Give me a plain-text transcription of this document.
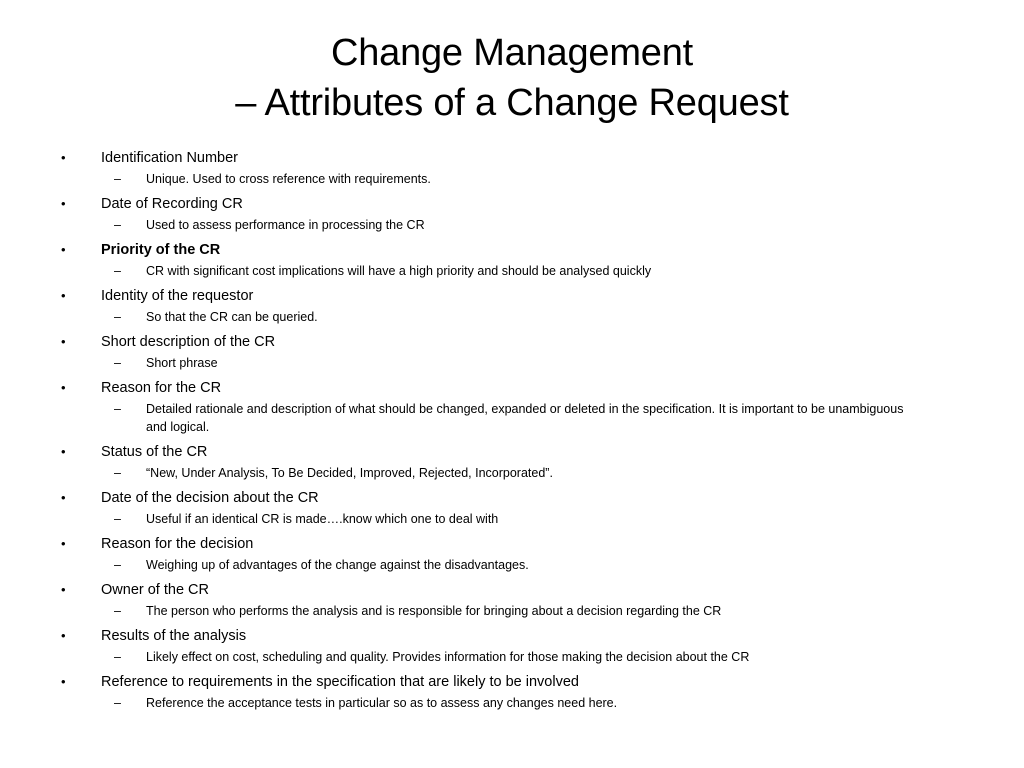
Change Management
– Attributes of a Change Request
•	Identification Number
– Unique. Used to cross reference with requirements.
•	Date of Recording CR
– Used to assess performance in processing the CR
•	Priority of the CR
– CR with significant cost implications will have a high priority and should be analysed quickly
•	Identity of the requestor
– So that the CR can be queried.
•	Short description of the CR
– Short phrase
•	Reason for the CR
– Detailed rationale and description of what should be changed, expanded or deleted in the specification. It is important to be unambiguous and logical.
•	Status of the CR
– “New, Under Analysis, To Be Decided, Improved, Rejected, Incorporated”.
•	Date of the decision about the CR
– Useful if an identical CR is made….know which one to deal with
•	Reason for the decision
– Weighing up of advantages of the change against the disadvantages.
•	Owner of the CR
– The person who performs the analysis and is responsible for bringing about a decision regarding the CR
•	Results of the analysis
– Likely effect on cost, scheduling and quality. Provides information for those making the decision about the CR
•	Reference to requirements in the specification that are likely to be involved
– Reference the acceptance tests in particular so as to assess any changes need here.
